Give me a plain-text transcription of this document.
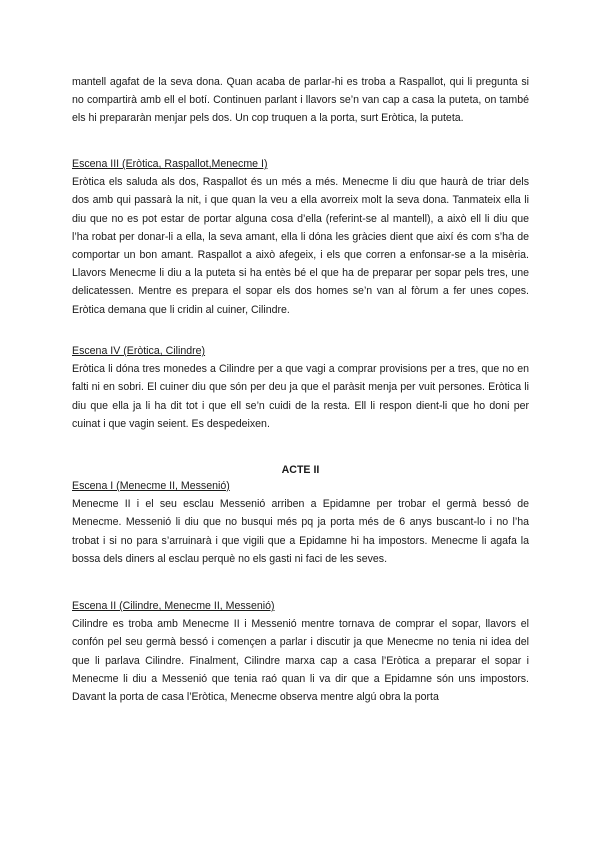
mantell agafat de la seva dona. Quan acaba de parlar-hi es troba a Raspallot, qui li pregunta si no compartirà amb ell el botí. Continuen parlant i llavors se’n van cap a casa la puteta, on també els hi prepararàn menjar pels dos. Un cop truquen a la porta, surt Eròtica, la puteta.

Escena III (Eròtica, Raspallot,Menecme I)

Eròtica els saluda als dos, Raspallot és un més a més. Menecme li diu que haurà de triar dels dos amb qui passarà la nit, i que quan la veu a ella avorreix molt la seva dona. Tanmateix ella li diu que no es pot estar de portar alguna cosa d’ella (referint-se al mantell), a això ell li diu que l’ha robat per donar-li a ella, la seva amant, ella li dóna les gràcies dient que així és com s’ha de comportar un bon amant. Raspallot a això afegeix, i els que corren a enfonsar-se a la misèria. Llavors Menecme li diu a la puteta si ha entès bé el que ha de preparar per sopar pels tres, une delicatessen. Mentre es prepara el sopar els dos homes se’n van al fòrum a fer unes copes. Eròtica demana que li cridin al cuiner, Cilindre.

Escena IV (Eròtica, Cilindre)

Eròtica li dóna tres monedes a Cilindre per a que vagi a comprar provisions per a tres, que no en falti ni en sobri. El cuiner diu que són per deu ja que el paràsit menja per vuit persones. Eròtica li diu que ella ja li ha dit tot i que ell se’n cuidi de la resta. Ell li respon dient-li que ho doni per cuinat i que vagin seient. Es despedeixen.

ACTE II

Escena I (Menecme II, Messenió)

Menecme II i el seu esclau Messenió arriben a Epidamne per trobar el germà bessó de Menecme. Messenió li diu que no busqui més pq ja porta més de 6 anys buscant-lo i no l’ha trobat i si no para s’arruinarà i que vigili que a Epidamne hi ha impostors. Menecme li agafa la bossa dels diners al esclau perquè no els gasti ni faci de les seves.

Escena II (Cilindre, Menecme II, Messenió)

Cilindre es troba amb Menecme II i Messenió mentre tornava de comprar el sopar, llavors el confón pel seu germà bessó i començen a parlar i discutir ja que Menecme no tenia ni idea del que li parlava Cilindre. Finalment, Cilindre marxa cap a casa l’Eròtica a preparar el sopar i Menecme li diu a Messenió que tenia raó quan li va dir que a Epidamne són uns impostors. Davant la porta de casa l’Eròtica, Menecme observa mentre algú obra la porta
